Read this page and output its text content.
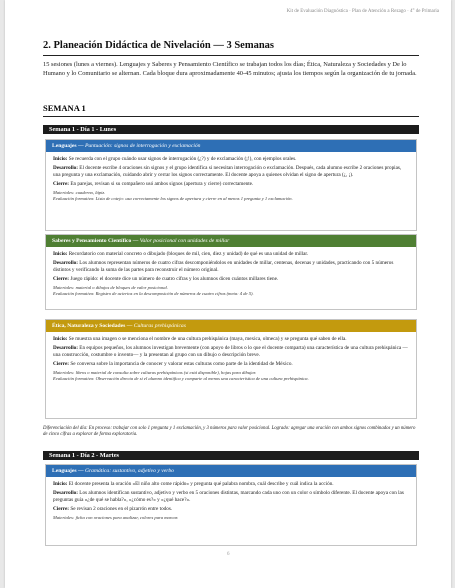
Kit de Evaluación Diagnóstica · Plan de Atención a Rezago · 4° de Primaria
2. Planeación Didáctica de Nivelación — 3 Semanas
15 sesiones (lunes a viernes). Lenguajes y Saberes y Pensamiento Científico se trabajan todos los días; Ética, Naturaleza y Sociedades y De lo Humano y lo Comunitario se alternan. Cada bloque dura aproximadamente 40-45 minutos; ajusta los tiempos según la organización de tu jornada.
SEMANA 1
Semana 1 - Día 1 - Lunes
Lenguajes — Puntuación: signos de interrogación y exclamación

Inicio: Se recuerda con el grupo cuándo usar signos de interrogación (¿?) y de exclamación (¡!), con ejemplos orales.

Desarrollo: El docente escribe 4 oraciones sin signos y el grupo identifica si necesitan interrogación o exclamación. Después, cada alumno escribe 2 oraciones propias, una pregunta y una exclamación, cuidando abrir y cerrar los signos correctamente. El docente apoya a quienes olvidan el signo de apertura (¿, ¡).

Cierre: En parejas, revisan si su compañero usó ambos signos (apertura y cierre) correctamente.

Materiales: cuaderno, lápiz.
Evaluación formativa: Lista de cotejo: usa correctamente los signos de apertura y cierre en al menos 1 pregunta y 1 exclamación.
Saberes y Pensamiento Científico — Valor posicional con unidades de millar

Inicio: Recordatorio con material concreto o dibujado (bloques de mil, cien, diez y unidad) de qué es una unidad de millar.

Desarrollo: Los alumnos representan números de cuatro cifras descomponiéndolos en unidades de millar, centenas, decenas y unidades, practicando con 5 números distintos y verificando la suma de las partes para reconstruir el número original.

Cierre: Juego rápido: el docente dice un número de cuatro cifras y los alumnos dicen cuántos millares tiene.

Materiales: material o dibujos de bloques de valor posicional.
Evaluación formativa: Registro de aciertos en la descomposición de números de cuatro cifras (meta: 4 de 5).
Ética, Naturaleza y Sociedades — Culturas prehispánicas

Inicio: Se muestra una imagen o se menciona el nombre de una cultura prehispánica (maya, mexica, olmeca) y se pregunta qué saben de ella.

Desarrollo: En equipos pequeños, los alumnos investigan brevemente (con apoyo de libros o lo que el docente comparta) una característica de una cultura prehispánica —una construcción, costumbre o invento— y la presentan al grupo con un dibujo o descripción breve.

Cierre: Se conversa sobre la importancia de conocer y valorar estas culturas como parte de la identidad de México.

Materiales: libros o material de consulta sobre culturas prehispánicas (si está disponible), hojas para dibujar.
Evaluación formativa: Observación directa de si el alumno identifica y comparte al menos una característica de una cultura prehispánica.
Diferenciación del día: En proceso: trabajar con solo 1 pregunta y 1 exclamación, y 3 números para valor posicional. Logrado: agregar una oración con ambos signos combinados y un número de cinco cifras a explorar de forma exploratoria.
Semana 1 - Día 2 - Martes
Lenguajes — Gramática: sustantivo, adjetivo y verbo

Inicio: El docente presenta la oración «El niño alto come rápido» y pregunta qué palabra nombra, cuál describe y cuál indica la acción.

Desarrollo: Los alumnos identifican sustantivo, adjetivo y verbo en 5 oraciones distintas, marcando cada uno con un color o símbolo diferente. El docente apoya con las preguntas guía «¿de qué se habla?», «¿cómo es?» y «¿qué hace?».

Cierre: Se revisan 2 oraciones en el pizarrón entre todos.

Materiales: ficha con oraciones para analizar, colores para marcar.
6
